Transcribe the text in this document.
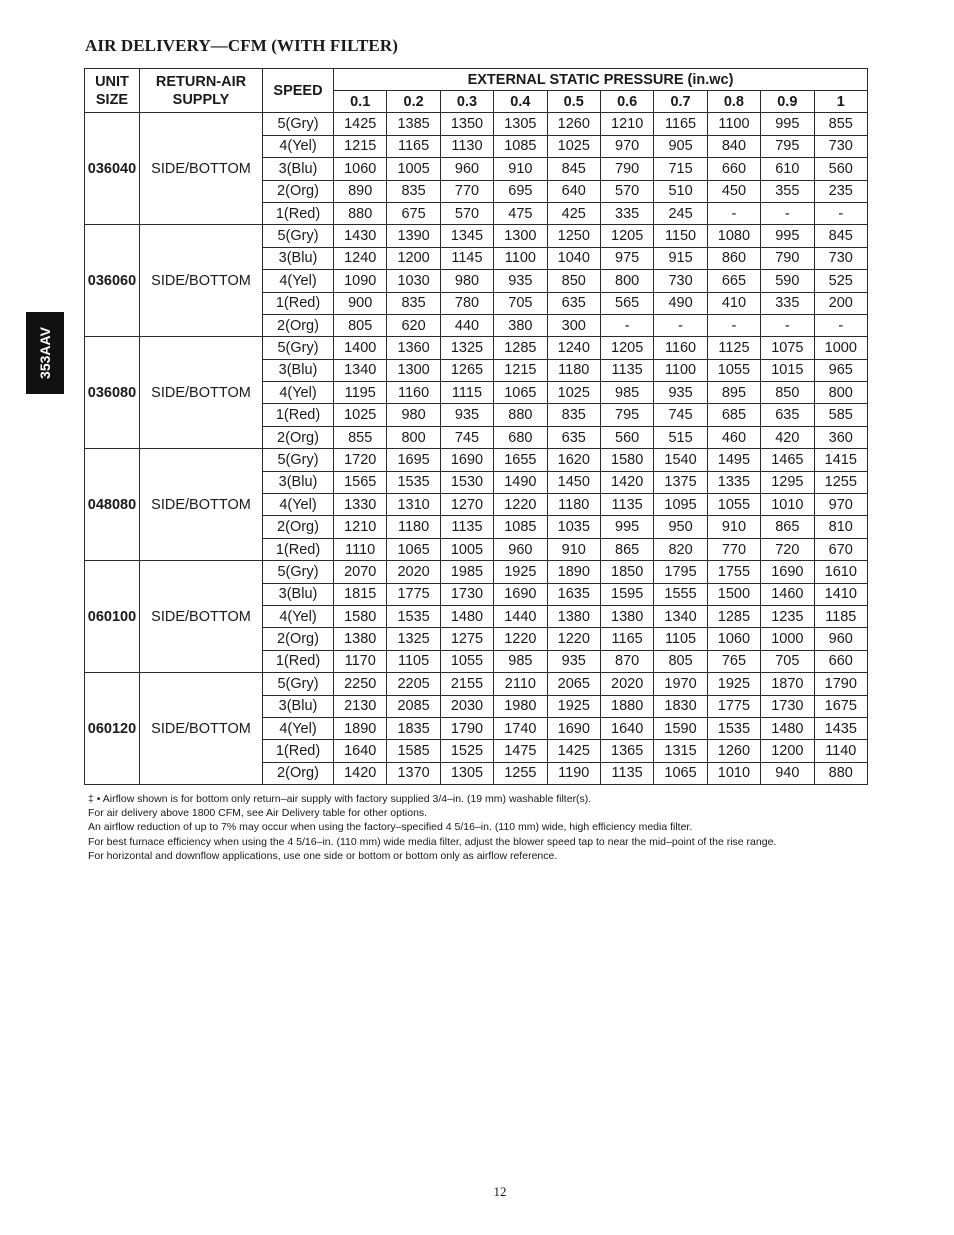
AIR DELIVERY—CFM (WITH FILTER)
353AAV
UNIT SIZE	RETURN-AIR SUPPLY	SPEED	EXTERNAL STATIC PRESSURE (in.wc)									
			0.1	0.2	0.3	0.4	0.5	0.6	0.7	0.8	0.9	1
036040	SIDE/BOTTOM	5(Gry)	1425	1385	1350	1305	1260	1210	1165	1100	995	855
		4(Yel)	1215	1165	1130	1085	1025	970	905	840	795	730
		3(Blu)	1060	1005	960	910	845	790	715	660	610	560
		2(Org)	890	835	770	695	640	570	510	450	355	235
		1(Red)	880	675	570	475	425	335	245	-	-	-
036060	SIDE/BOTTOM	5(Gry)	1430	1390	1345	1300	1250	1205	1150	1080	995	845
		3(Blu)	1240	1200	1145	1100	1040	975	915	860	790	730
		4(Yel)	1090	1030	980	935	850	800	730	665	590	525
		1(Red)	900	835	780	705	635	565	490	410	335	200
		2(Org)	805	620	440	380	300	-	-	-	-	-
036080	SIDE/BOTTOM	5(Gry)	1400	1360	1325	1285	1240	1205	1160	1125	1075	1000
		3(Blu)	1340	1300	1265	1215	1180	1135	1100	1055	1015	965
		4(Yel)	1195	1160	1115	1065	1025	985	935	895	850	800
		1(Red)	1025	980	935	880	835	795	745	685	635	585
		2(Org)	855	800	745	680	635	560	515	460	420	360
048080	SIDE/BOTTOM	5(Gry)	1720	1695	1690	1655	1620	1580	1540	1495	1465	1415
		3(Blu)	1565	1535	1530	1490	1450	1420	1375	1335	1295	1255
		4(Yel)	1330	1310	1270	1220	1180	1135	1095	1055	1010	970
		2(Org)	1210	1180	1135	1085	1035	995	950	910	865	810
		1(Red)	1110	1065	1005	960	910	865	820	770	720	670
060100	SIDE/BOTTOM	5(Gry)	2070	2020	1985	1925	1890	1850	1795	1755	1690	1610
		3(Blu)	1815	1775	1730	1690	1635	1595	1555	1500	1460	1410
		4(Yel)	1580	1535	1480	1440	1380	1380	1340	1285	1235	1185
		2(Org)	1380	1325	1275	1220	1220	1165	1105	1060	1000	960
		1(Red)	1170	1105	1055	985	935	870	805	765	705	660
060120	SIDE/BOTTOM	5(Gry)	2250	2205	2155	2110	2065	2020	1970	1925	1870	1790
		3(Blu)	2130	2085	2030	1980	1925	1880	1830	1775	1730	1675
		4(Yel)	1890	1835	1790	1740	1690	1640	1590	1535	1480	1435
		1(Red)	1640	1585	1525	1475	1425	1365	1315	1260	1200	1140
		2(Org)	1420	1370	1305	1255	1190	1135	1065	1010	940	880
‡ • Airflow shown is for bottom only return–air supply with factory supplied 3/4–in. (19 mm) washable filter(s).
For air delivery above 1800 CFM, see Air Delivery table for other options.
An airflow reduction of up to 7% may occur when using the factory–specified 4 5/16–in. (110 mm) wide, high efficiency media filter.
For best furnace efficiency when using the 4 5/16–in. (110 mm) wide media filter, adjust the blower speed tap to near the mid–point of the rise range.
For horizontal and downflow applications, use one side or bottom or bottom only as airflow reference.
12
